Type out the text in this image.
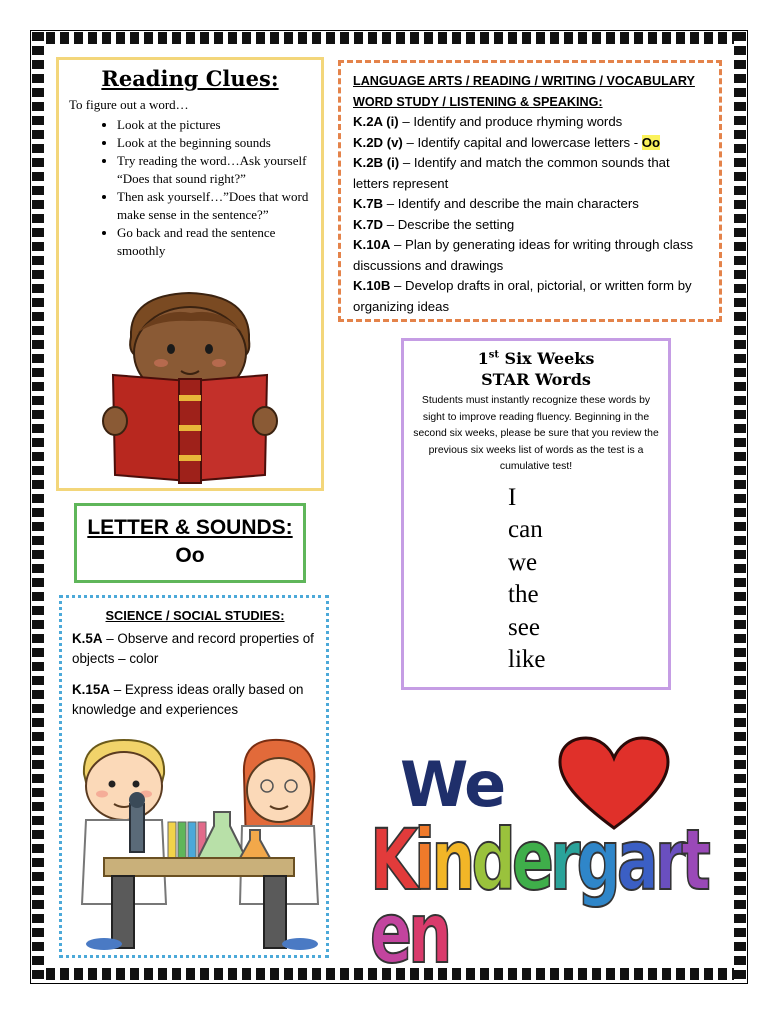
Reading Clues:
To figure out a word…
• Look at the pictures
• Look at the beginning sounds
• Try reading the word…Ask yourself “Does that sound right?”
• Then ask yourself…”Does that word make sense in the sentence?”
• Go back and read the sentence smoothly
LANGUAGE ARTS / READING / WRITING / VOCABULARY
WORD STUDY / LISTENING & SPEAKING:
K.2A (i) – Identify and produce rhyming words
K.2D (v) – Identify capital and lowercase letters - Oo
K.2B (i) – Identify and match the common sounds that letters represent
K.7B – Identify and describe the main characters
K.7D – Describe the setting
K.10A – Plan by generating ideas for writing through class discussions and drawings
K.10B – Develop drafts in oral, pictorial, or written form by organizing ideas
LETTER & SOUNDS:
Oo
1st Six Weeks
STAR Words
Students must instantly recognize these words by sight to improve reading fluency. Beginning in the second six weeks, please be sure that you review the previous six weeks list of words as the test is a cumulative test!
I
can
we
the
see
like
SCIENCE / SOCIAL STUDIES:

K.5A – Observe and record properties of objects – color

K.15A – Express ideas orally based on knowledge and experiences

We
Kindergarten
